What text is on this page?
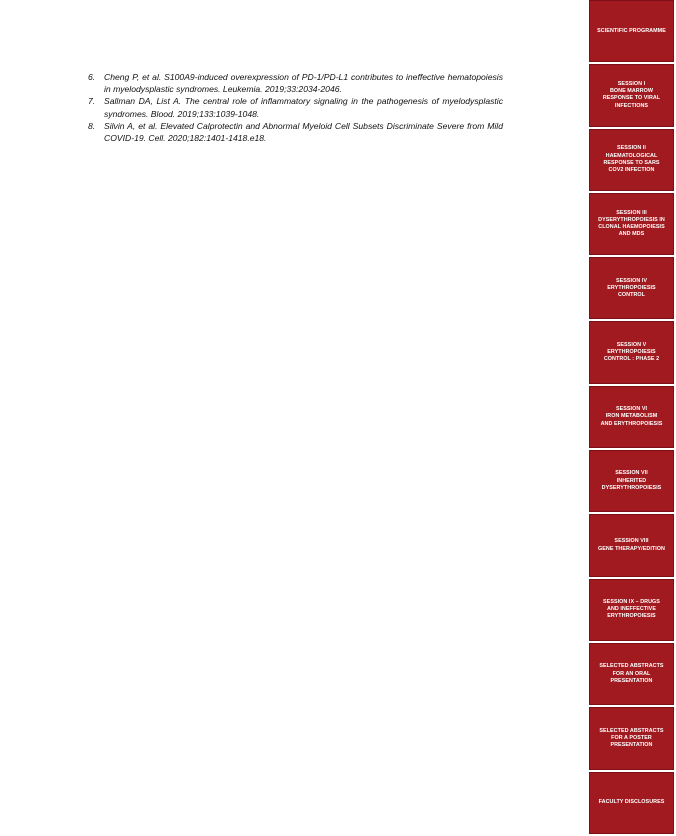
6.	Cheng P, et al. S100A9-induced overexpression of PD-1/PD-L1 contributes to ineffective hematopoiesis in myelodysplastic syndromes. Leukemia. 2019;33:2034-2046.
7.	Sallman DA, List A. The central role of inflammatory signaling in the pathogenesis of myelodysplastic syndromes. Blood. 2019;133:1039-1048.
8.	Silvin A, et al. Elevated Calprotectin and Abnormal Myeloid Cell Subsets Discriminate Severe from Mild COVID-19. Cell. 2020;182:1401-1418.e18.
SCIENTIFIC PROGRAMME
SESSION I
BONE MARROW
RESPONSE TO VIRAL
INFECTIONS
SESSION II
HAEMATOLOGICAL
RESPONSE TO SARS
COV2 INFECTION
SESSION III
DYSERYTHROPOIESIS IN
CLONAL HAEMOPOIESIS
AND MDS
SESSION IV
ERYTHROPOIESIS
CONTROL
SESSION V
ERYTHROPOIESIS
CONTROL : PHASE 2
SESSION VI
IRON METABOLISM
AND ERYTHROPOIESIS
SESSION VII
INHERITED
DYSERYTHROPOIESIS
SESSION VIII
GENE THERAPY/EDITION
SESSION IX – DRUGS
AND INEFFECTIVE
ERYTHROPOIESIS
SELECTED ABSTRACTS
FOR AN ORAL
PRESENTATION
SELECTED ABSTRACTS
FOR A POSTER
PRESENTATION
FACULTY DISCLOSURES
